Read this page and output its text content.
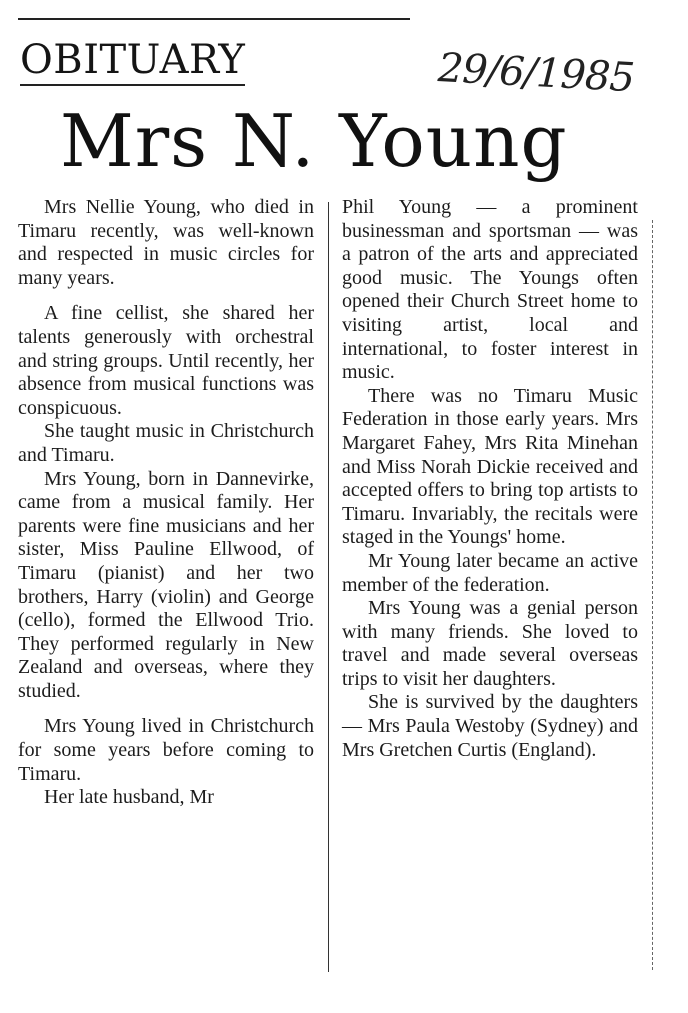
OBITUARY	29/6/1985
Mrs N. Young

Mrs Nellie Young, who died in Timaru recently, was well-known and respected in music circles for many years.

A fine cellist, she shared her talents generously with orchestral and string groups. Until recently, her absence from musical functions was conspicuous.

She taught music in Christchurch and Timaru.

Mrs Young, born in Dannevirke, came from a musical family. Her parents were fine musicians and her sister, Miss Pauline Ellwood, of Timaru (pianist) and her two brothers, Harry (violin) and George (cello), formed the Ellwood Trio. They performed regularly in New Zealand and overseas, where they studied.

Mrs Young lived in Christchurch for some years before coming to Timaru.

Her late husband, Mr

Phil Young — a prominent businessman and sportsman — was a patron of the arts and appreciated good music. The Youngs often opened their Church Street home to visiting artist, local and international, to foster interest in music.

There was no Timaru Music Federation in those early years. Mrs Margaret Fahey, Mrs Rita Minehan and Miss Norah Dickie received and accepted offers to bring top artists to Timaru. Invariably, the recitals were staged in the Youngs' home.

Mr Young later became an active member of the federation.

Mrs Young was a genial person with many friends. She loved to travel and made several overseas trips to visit her daughters.

She is survived by the daughters — Mrs Paula Westoby (Sydney) and Mrs Gretchen Curtis (England).
